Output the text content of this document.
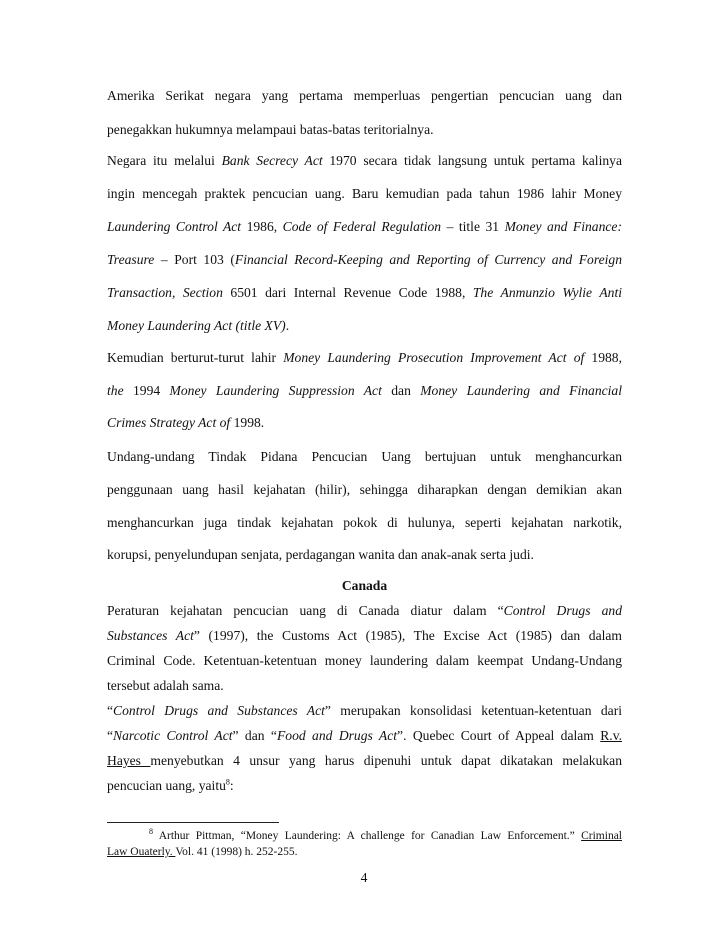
Amerika Serikat negara yang pertama memperluas pengertian pencucian uang dan
penegakkan hukumnya melampaui batas-batas teritorialnya.
Negara itu melalui Bank Secrecy Act 1970 secara tidak langsung untuk pertama kalinya
ingin mencegah praktek pencucian uang. Baru kemudian pada tahun 1986 lahir Money
Laundering Control Act 1986, Code of Federal Regulation – title 31 Money and Finance:
Treasure – Port 103 (Financial Record-Keeping and Reporting of Currency and Foreign
Transaction, Section 6501 dari Internal Revenue Code 1988, The Anmunzio Wylie Anti
Money Laundering Act (title XV).
Kemudian berturut-turut lahir Money Laundering Prosecution Improvement Act of 1988,
the 1994 Money Laundering Suppression Act dan Money Laundering and Financial
Crimes Strategy Act of 1998.
Undang-undang Tindak Pidana Pencucian Uang bertujuan untuk menghancurkan
penggunaan uang hasil kejahatan (hilir), sehingga diharapkan dengan demikian akan
menghancurkan juga tindak kejahatan pokok di hulunya, seperti kejahatan narkotik,
korupsi, penyelundupan senjata, perdagangan wanita dan anak-anak serta judi.
Canada
Peraturan kejahatan pencucian uang di Canada diatur dalam “Control Drugs and
Substances Act” (1997), the Customs Act (1985), The Excise Act (1985) dan dalam
Criminal Code. Ketentuan-ketentuan money laundering dalam keempat Undang-Undang
tersebut adalah sama.
“Control Drugs and Substances Act” merupakan konsolidasi ketentuan-ketentuan dari
“Narcotic Control Act” dan “Food and Drugs Act”. Quebec Court of Appeal dalam R.v.
Hayes menyebutkan 4 unsur yang harus dipenuhi untuk dapat dikatakan melakukan
pencucian uang, yaitu$^8$:
$^8$ Arthur Pittman, “Money Laundering: A challenge for Canadian Law Enforcement.” Criminal
Law Ouaterly. Vol. 41 (1998) h. 252-255.
4
